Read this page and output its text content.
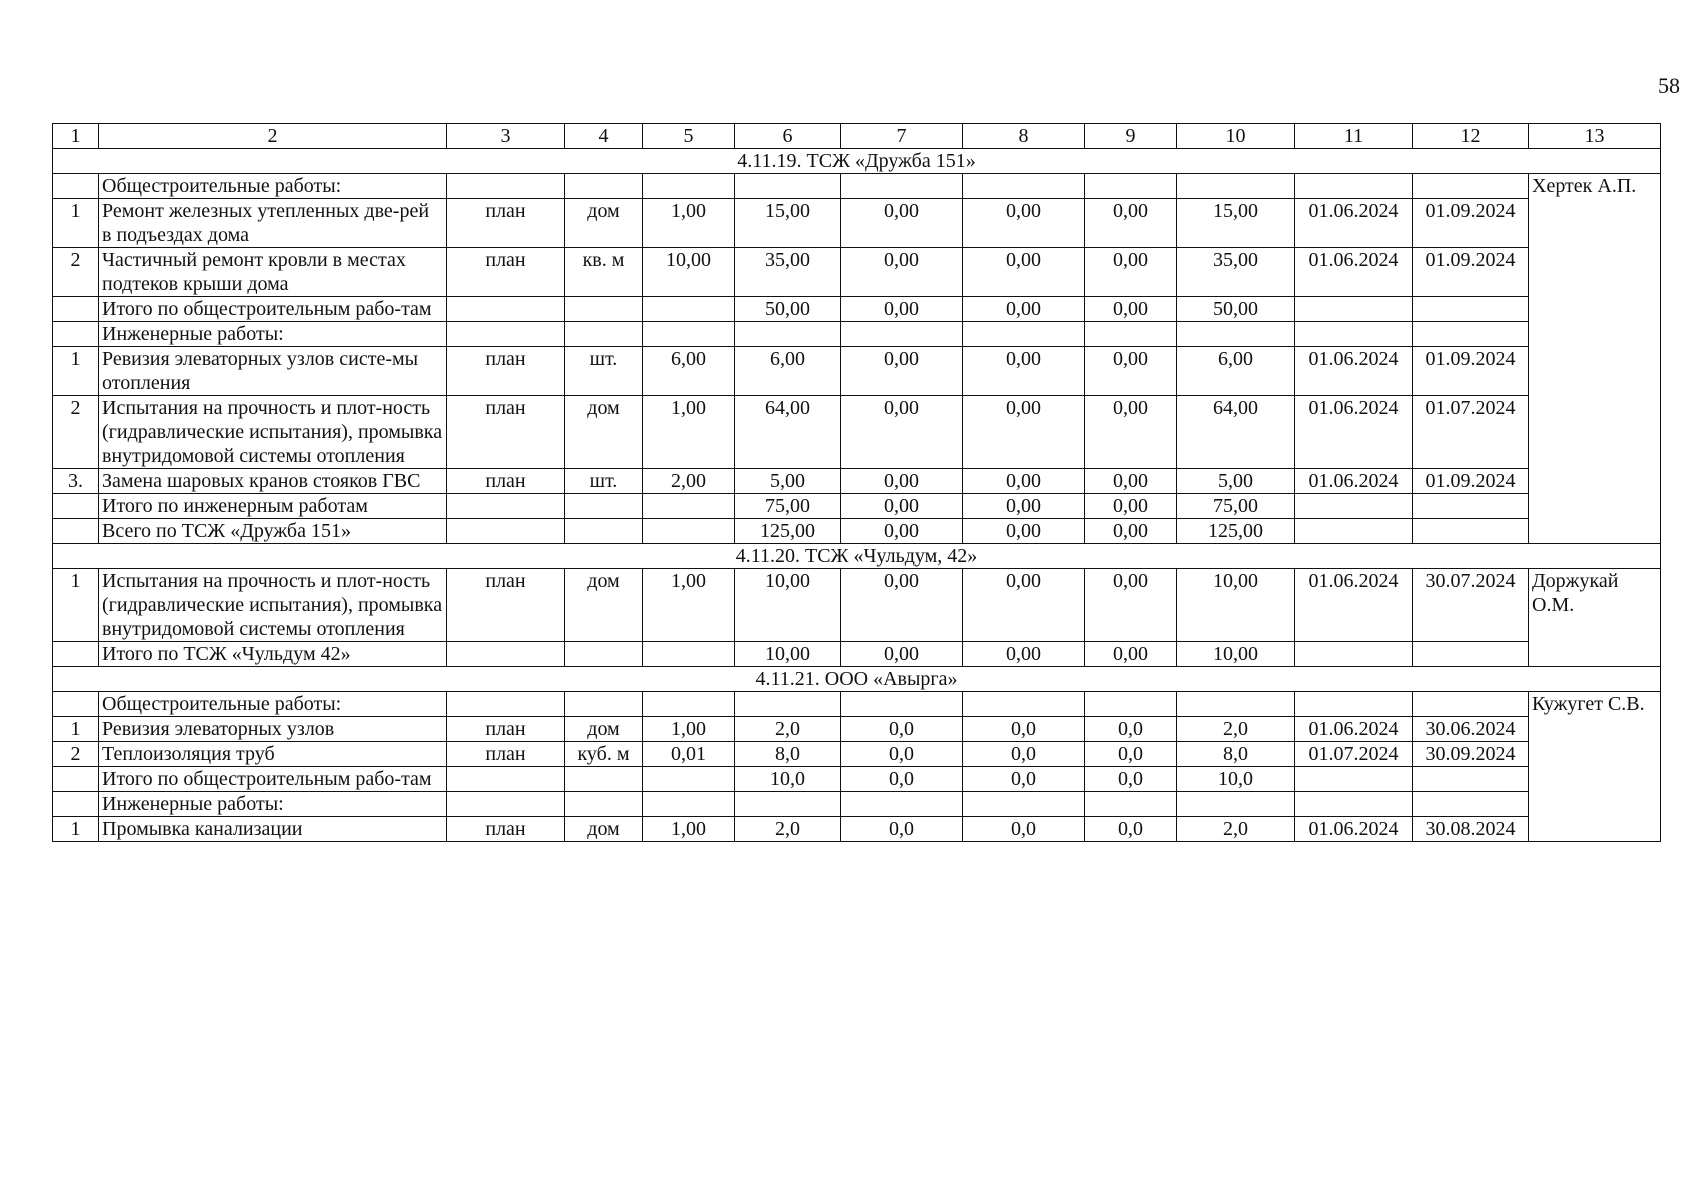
58
1	2	3	4	5	6	7	8	9	10	11	12	13
4.11.19. ТСЖ «Дружба 151»												
	Общестроительные работы:											Хертек А.П.
1	Ремонт железных утепленных две-рей в подъездах дома	план	дом	1,00	15,00	0,00	0,00	0,00	15,00	01.06.2024	01.09.2024	
2	Частичный ремонт кровли в местах подтеков крыши дома	план	кв. м	10,00	35,00	0,00	0,00	0,00	35,00	01.06.2024	01.09.2024	
	Итого по общестроительным рабо-там				50,00	0,00	0,00	0,00	50,00			
	Инженерные работы:											
1	Ревизия элеваторных узлов систе-мы отопления	план	шт.	6,00	6,00	0,00	0,00	0,00	6,00	01.06.2024	01.09.2024	
2	Испытания на прочность и плот-ность (гидравлические испытания), промывка внутридомовой системы отопления	план	дом	1,00	64,00	0,00	0,00	0,00	64,00	01.06.2024	01.07.2024	
3.	Замена шаровых кранов стояков ГВС	план	шт.	2,00	5,00	0,00	0,00	0,00	5,00	01.06.2024	01.09.2024	
	Итого по инженерным работам				75,00	0,00	0,00	0,00	75,00			
	Всего по ТСЖ «Дружба 151»				125,00	0,00	0,00	0,00	125,00			
4.11.20. ТСЖ «Чульдум, 42»												
1	Испытания на прочность и плот-ность (гидравлические испытания), промывка внутридомовой системы отопления	план	дом	1,00	10,00	0,00	0,00	0,00	10,00	01.06.2024	30.07.2024	Доржукай О.М.
	Итого по ТСЖ «Чульдум 42»				10,00	0,00	0,00	0,00	10,00			
4.11.21. ООО «Авырга»												
	Общестроительные работы:											Кужугет С.В.
1	Ревизия элеваторных узлов	план	дом	1,00	2,0	0,0	0,0	0,0	2,0	01.06.2024	30.06.2024	
2	Теплоизоляция труб	план	куб. м	0,01	8,0	0,0	0,0	0,0	8,0	01.07.2024	30.09.2024	
	Итого по общестроительным рабо-там				10,0	0,0	0,0	0,0	10,0			
	Инженерные работы:											
1	Промывка канализации	план	дом	1,00	2,0	0,0	0,0	0,0	2,0	01.06.2024	30.08.2024	
